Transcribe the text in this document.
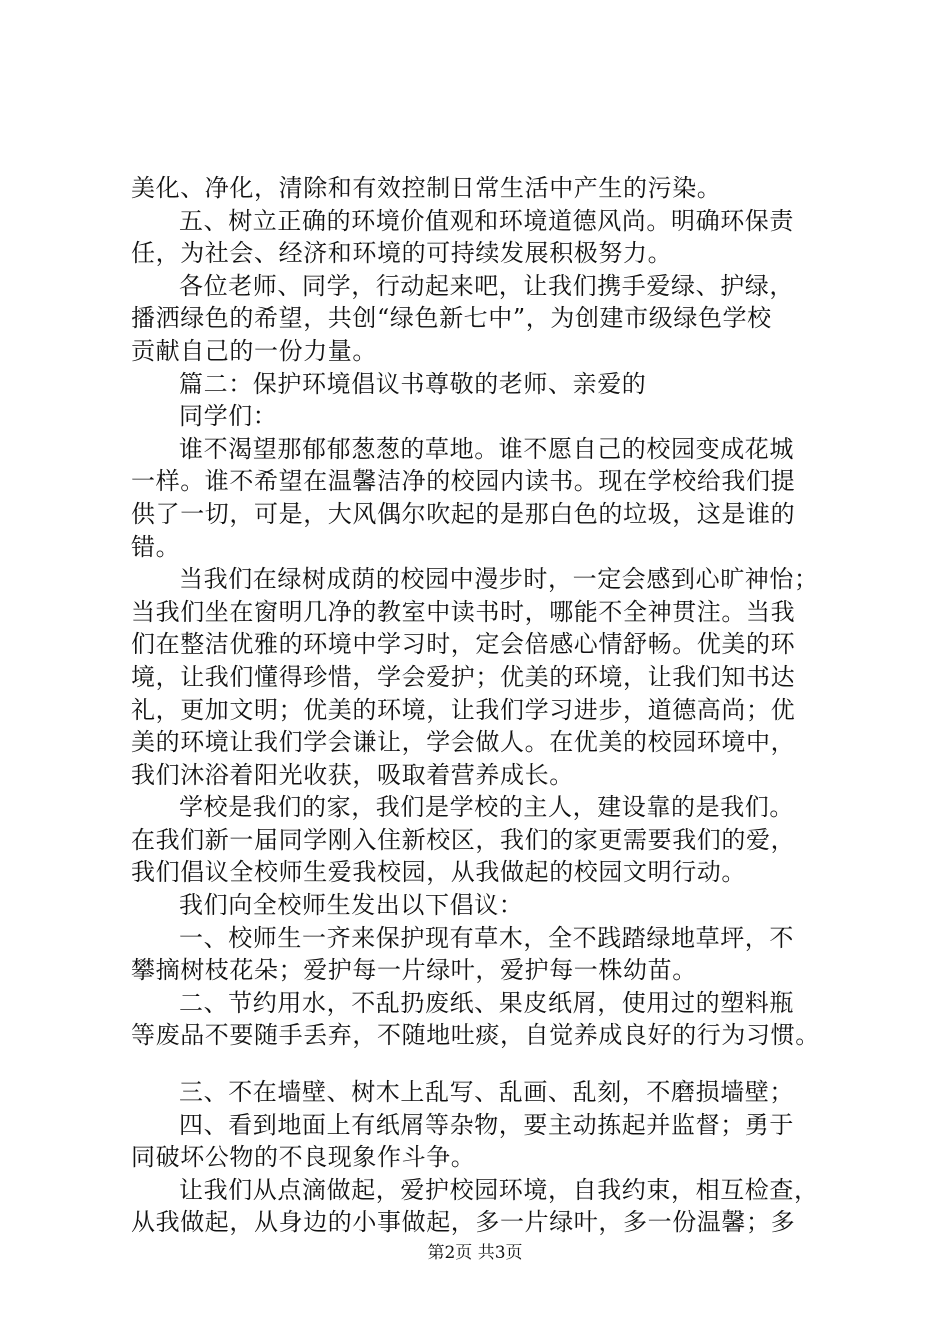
美化、净化，清除和有效控制日常生活中产生的污染。
五、树立正确的环境价值观和环境道德风尚。明确环保责
任，为社会、经济和环境的可持续发展积极努力。
各位老师、同学，行动起来吧，让我们携手爱绿、护绿，
播洒绿色的希望，共创“绿色新七中”，为创建市级绿色学校
贡献自己的一份力量。
篇二：保护环境倡议书尊敬的老师、亲爱的
同学们：
谁不渴望那郁郁葱葱的草地。谁不愿自己的校园变成花城
一样。谁不希望在温馨洁净的校园内读书。现在学校给我们提
供了一切，可是，大风偶尔吹起的是那白色的垃圾，这是谁的
错。
当我们在绿树成荫的校园中漫步时，一定会感到心旷神怡；
当我们坐在窗明几净的教室中读书时，哪能不全神贯注。当我
们在整洁优雅的环境中学习时，定会倍感心情舒畅。优美的环
境，让我们懂得珍惜，学会爱护；优美的环境，让我们知书达
礼，更加文明；优美的环境，让我们学习进步，道德高尚；优
美的环境让我们学会谦让，学会做人。在优美的校园环境中，
我们沐浴着阳光收获，吸取着营养成长。
学校是我们的家，我们是学校的主人，建设靠的是我们。
在我们新一届同学刚入住新校区，我们的家更需要我们的爱，
我们倡议全校师生爱我校园，从我做起的校园文明行动。
我们向全校师生发出以下倡议：
一、校师生一齐来保护现有草木，全不践踏绿地草坪，不
攀摘树枝花朵；爱护每一片绿叶，爱护每一株幼苗。
二、节约用水，不乱扔废纸、果皮纸屑，使用过的塑料瓶
等废品不要随手丢弃，不随地吐痰，自觉养成良好的行为习惯。
三、不在墙壁、树木上乱写、乱画、乱刻，不磨损墙壁；
四、看到地面上有纸屑等杂物，要主动拣起并监督；勇于
同破坏公物的不良现象作斗争。
让我们从点滴做起，爱护校园环境，自我约束，相互检查，
从我做起，从身边的小事做起，多一片绿叶，多一份温馨；多
第2页 共3页
